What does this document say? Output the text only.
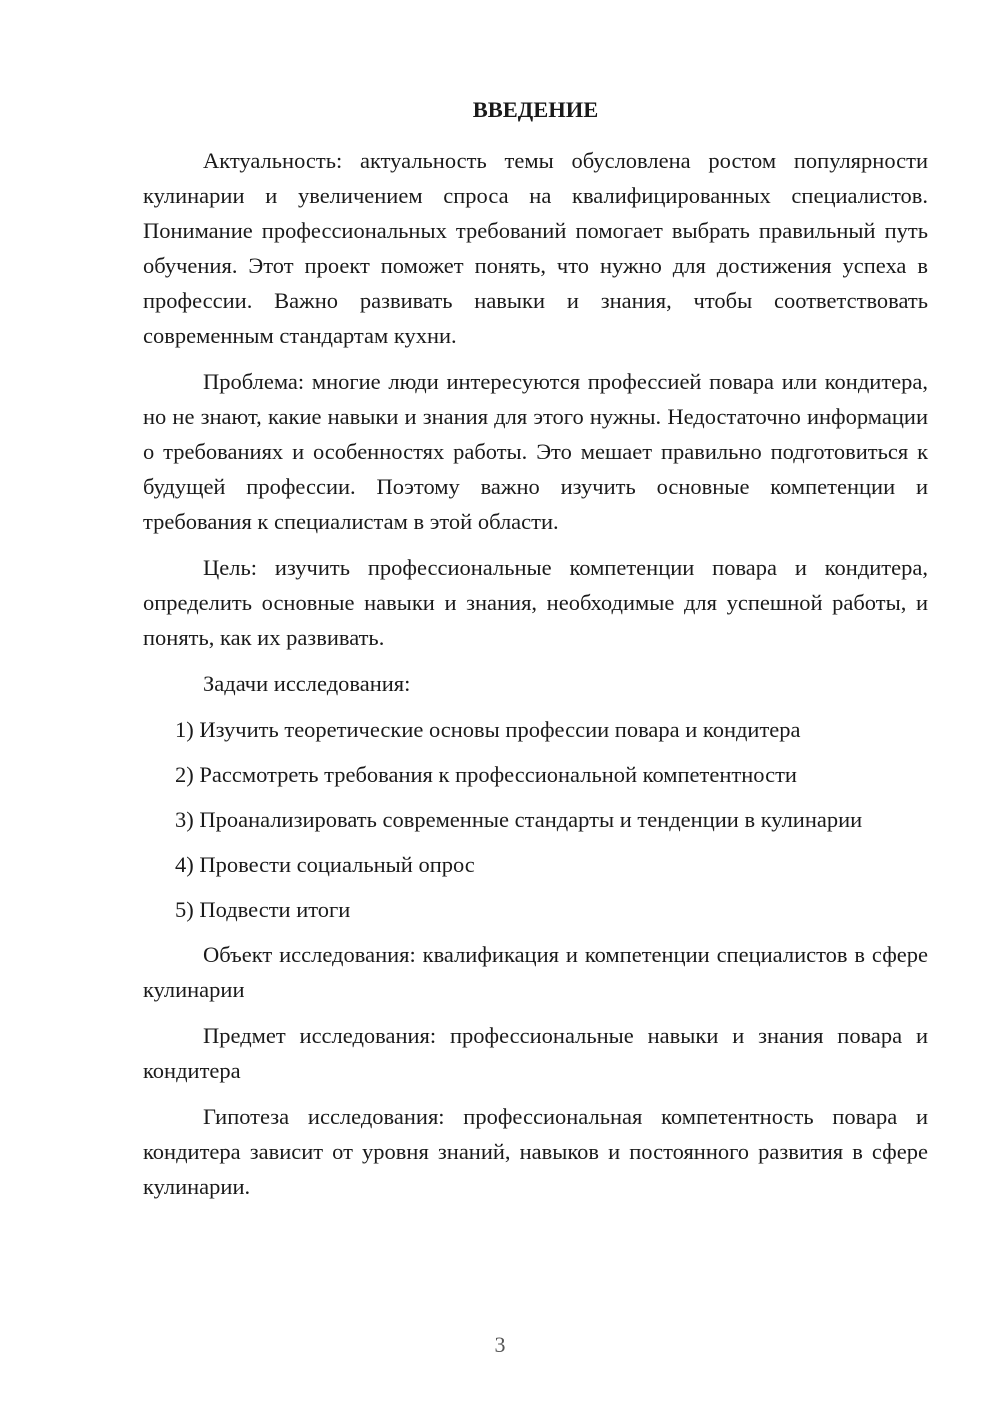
ВВЕДЕНИЕ

Актуальность: актуальность темы обусловлена ростом популярности кулинарии и увеличением спроса на квалифицированных специалистов. Понимание профессиональных требований помогает выбрать правильный путь обучения. Этот проект поможет понять, что нужно для достижения успеха в профессии. Важно развивать навыки и знания, чтобы соответствовать современным стандартам кухни.

Проблема: многие люди интересуются профессией повара или кондитера, но не знают, какие навыки и знания для этого нужны. Недостаточно информации о требованиях и особенностях работы. Это мешает правильно подготовиться к будущей профессии. Поэтому важно изучить основные компетенции и требования к специалистам в этой области.

Цель: изучить профессиональные компетенции повара и кондитера, определить основные навыки и знания, необходимые для успешной работы, и понять, как их развивать.

Задачи исследования:

1) Изучить теоретические основы профессии повара и кондитера

2) Рассмотреть требования к профессиональной компетентности

3) Проанализировать современные стандарты и тенденции в кулинарии

4) Провести социальный опрос

5) Подвести итоги

Объект исследования: квалификация и компетенции специалистов в сфере кулинарии

Предмет исследования: профессиональные навыки и знания повара и кондитера

Гипотеза исследования: профессиональная компетентность повара и кондитера зависит от уровня знаний, навыков и постоянного развития в сфере кулинарии.

3
